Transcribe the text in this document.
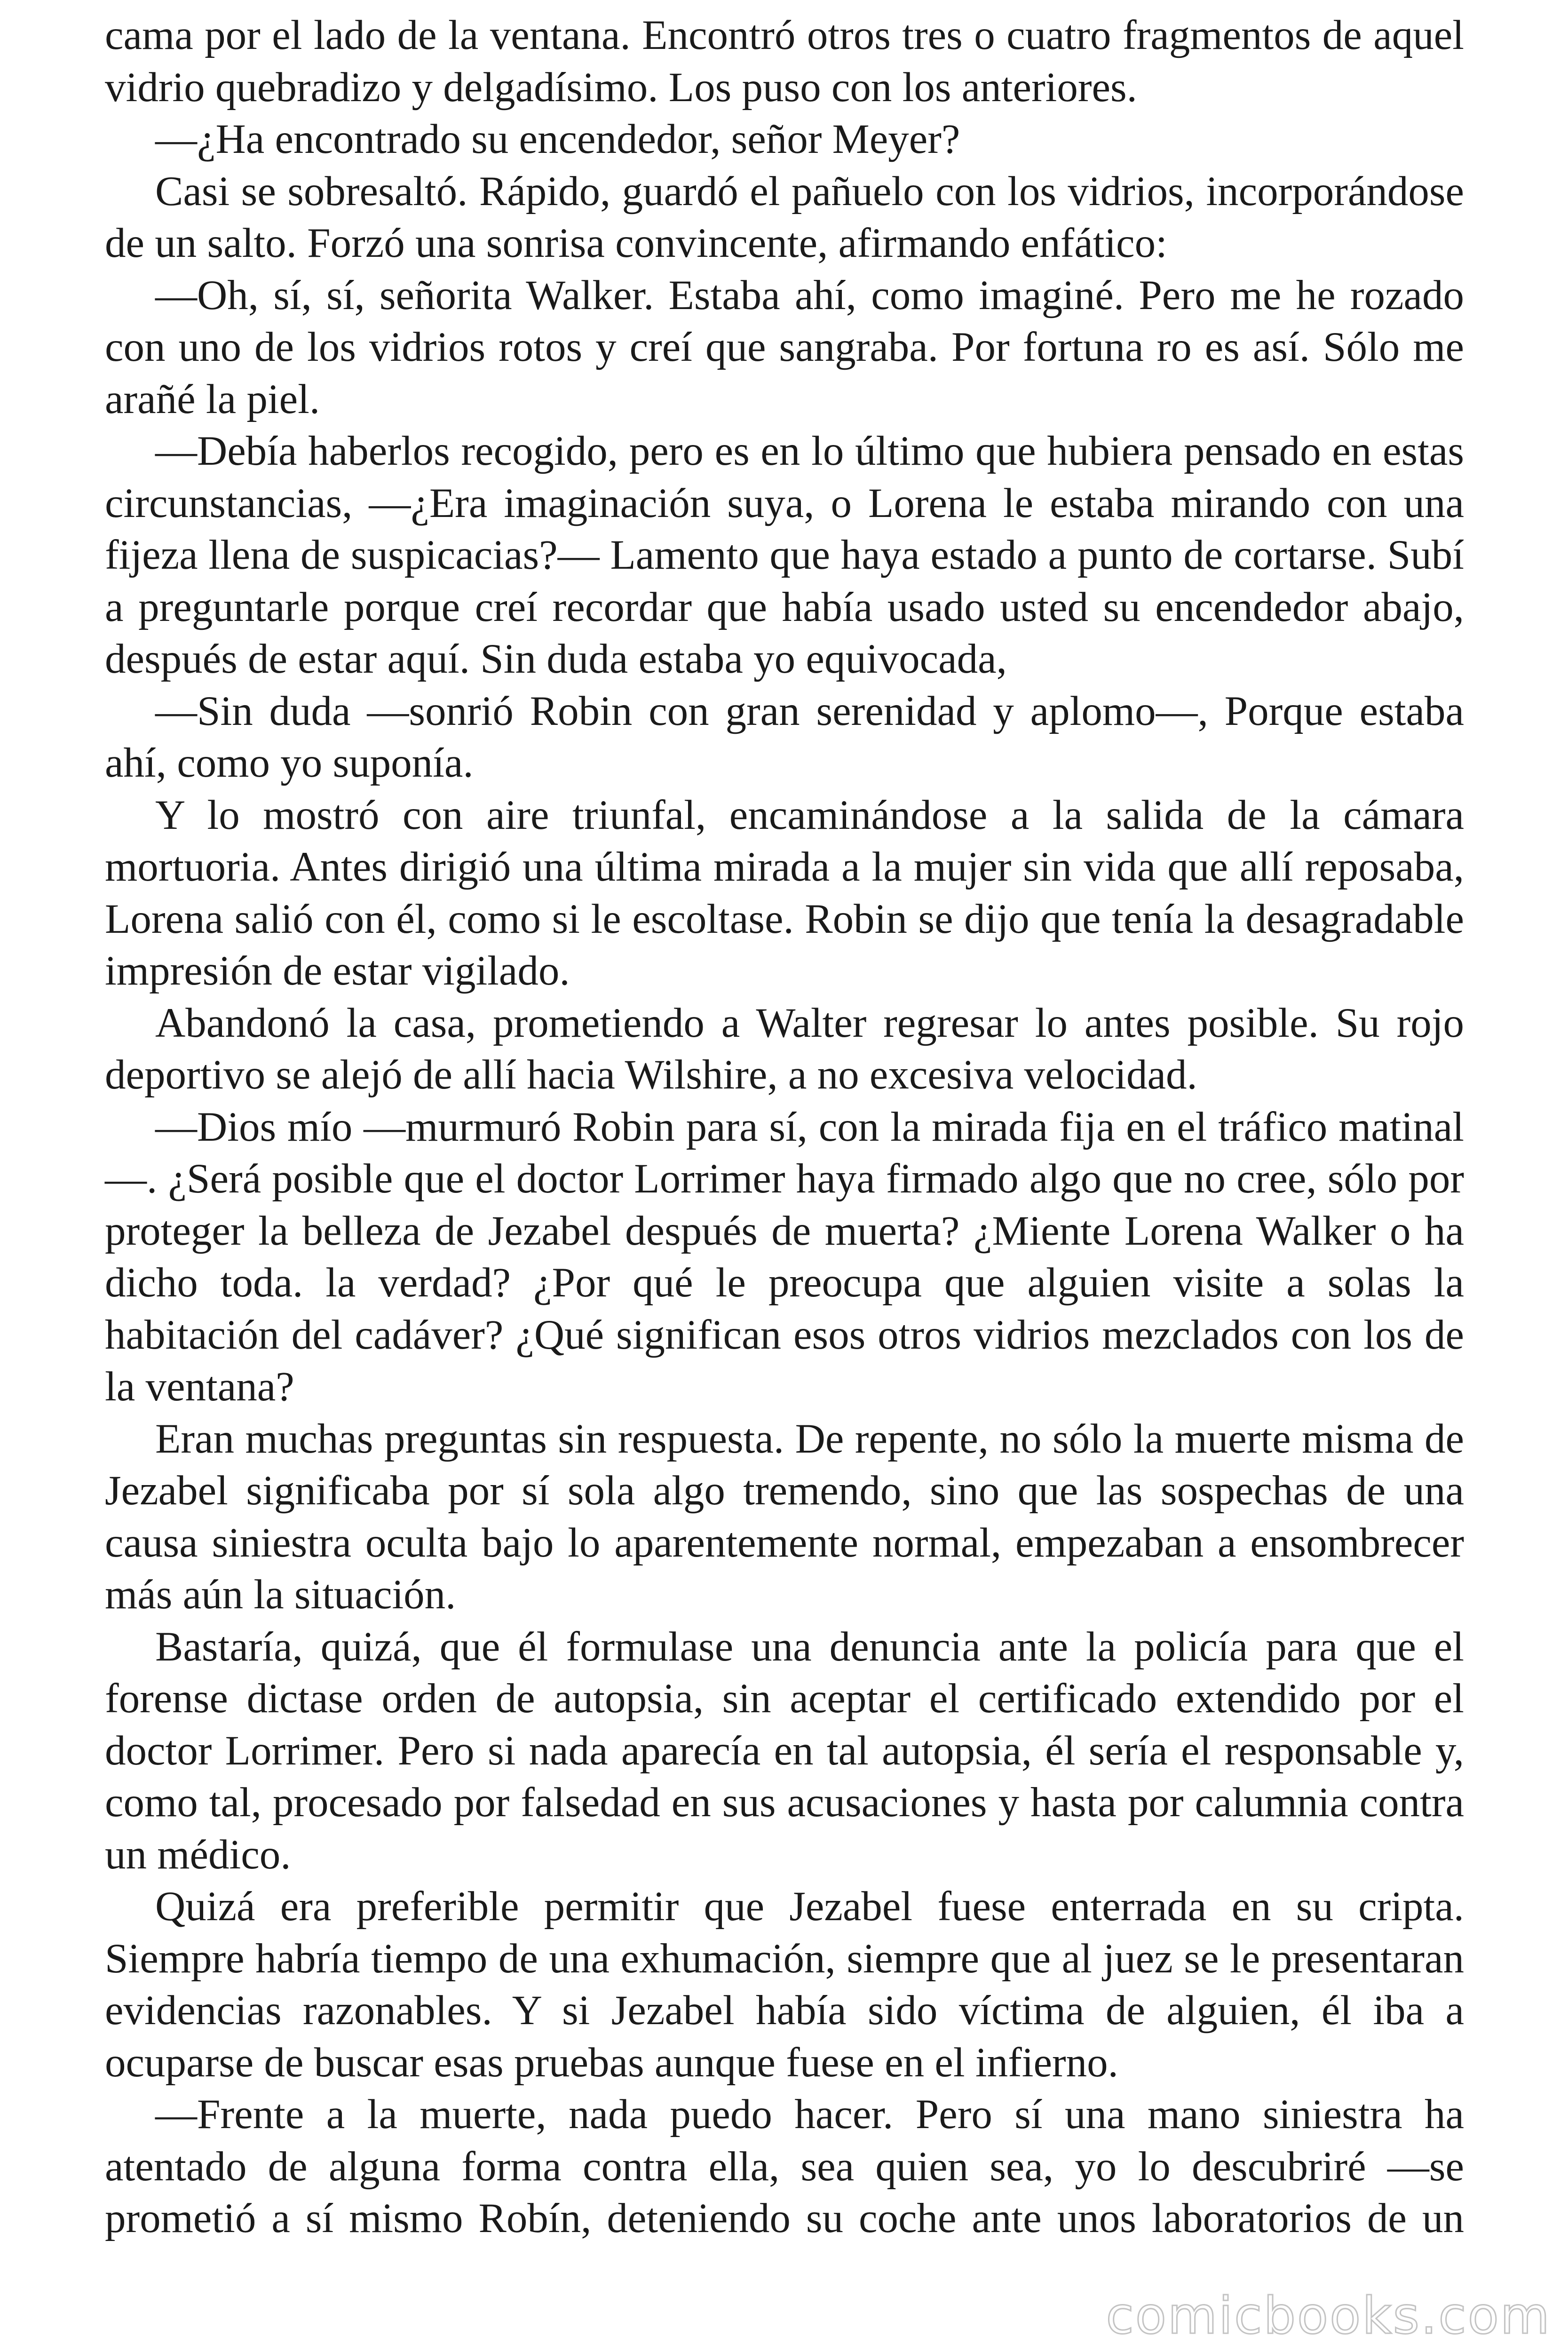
cama por el lado de la ventana. Encontró otros tres o cuatro fragmentos de aquel vidrio quebradizo y delgadísimo. Los puso con los anteriores.

—¿Ha encontrado su encendedor, señor Meyer?

Casi se sobresaltó. Rápido, guardó el pañuelo con los vidrios, incorporándose de un salto. Forzó una sonrisa convincente, afirmando enfático:

—Oh, sí, sí, señorita Walker. Estaba ahí, como imaginé. Pero me he rozado con uno de los vidrios rotos y creí que sangraba. Por fortuna ro es así. Sólo me arañé la piel.

—Debía haberlos recogido, pero es en lo último que hubiera pensado en estas circunstancias, —¿Era imaginación suya, o Lorena le estaba mirando con una fijeza llena de suspicacias?— Lamento que haya estado a punto de cortarse. Subí a preguntarle porque creí recordar que había usado usted su encendedor abajo, después de estar aquí. Sin duda estaba yo equivocada,

—Sin duda —sonrió Robin con gran serenidad y aplomo—, Porque estaba ahí, como yo suponía.

Y lo mostró con aire triunfal, encaminándose a la salida de la cámara mortuoria. Antes dirigió una última mirada a la mujer sin vida que allí reposaba, Lorena salió con él, como si le escoltase. Robin se dijo que tenía la desagradable impresión de estar vigilado.

Abandonó la casa, prometiendo a Walter regresar lo antes posible. Su rojo deportivo se alejó de allí hacia Wilshire, a no excesiva velocidad.

—Dios mío —murmuró Robin para sí, con la mirada fija en el tráfico matinal—. ¿Será posible que el doctor Lorrimer haya firmado algo que no cree, sólo por proteger la belleza de Jezabel después de muerta? ¿Miente Lorena Walker o ha dicho toda. la verdad? ¿Por qué le preocupa que alguien visite a solas la habitación del cadáver? ¿Qué significan esos otros vidrios mezclados con los de la ventana?

Eran muchas preguntas sin respuesta. De repente, no sólo la muerte misma de Jezabel significaba por sí sola algo tremendo, sino que las sospechas de una causa siniestra oculta bajo lo aparentemente normal, empezaban a ensombrecer más aún la situación.

Bastaría, quizá, que él formulase una denuncia ante la policía para que el forense dictase orden de autopsia, sin aceptar el certificado extendido por el doctor Lorrimer. Pero si nada aparecía en tal autopsia, él sería el responsable y, como tal, procesado por falsedad en sus acusaciones y hasta por calumnia contra un médico.

Quizá era preferible permitir que Jezabel fuese enterrada en su cripta. Siempre habría tiempo de una exhumación, siempre que al juez se le presentaran evidencias razonables. Y si Jezabel había sido víctima de alguien, él iba a ocuparse de buscar esas pruebas aunque fuese en el infierno.

—Frente a la muerte, nada puedo hacer. Pero sí una mano siniestra ha atentado de alguna forma contra ella, sea quien sea, yo lo descubriré —se prometió a sí mismo Robín, deteniendo su coche ante unos laboratorios de un

comicbooks.com
